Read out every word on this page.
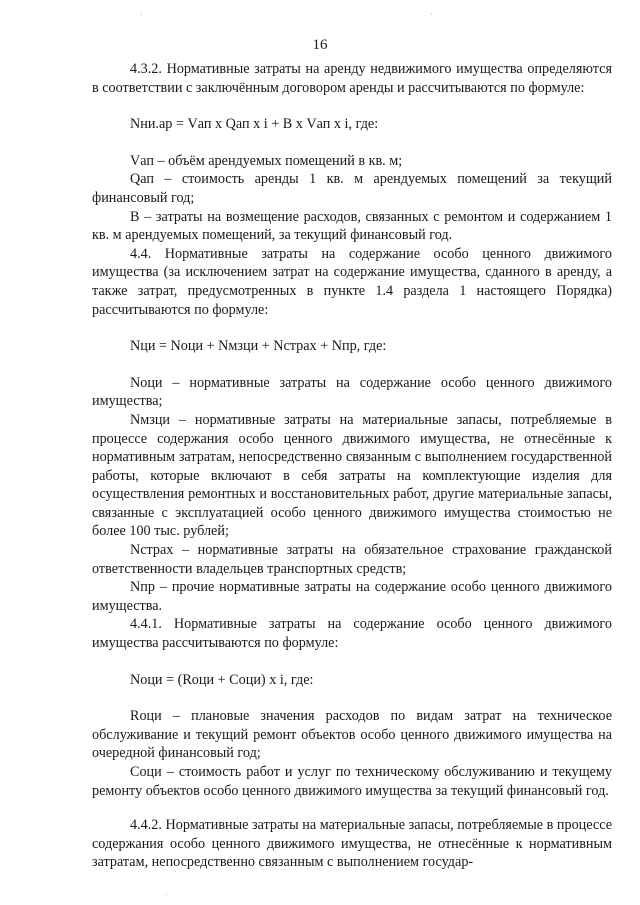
·	·
·
16

4.3.2. Нормативные затраты на аренду недвижимого имущества определяются в соответствии с заключённым договором аренды и рассчитываются по формуле:

Nни.ар = Vап х Qап х i + В х Vап х i, где:

Vап – объём арендуемых помещений в кв. м;

Qап – стоимость аренды 1 кв. м арендуемых помещений за текущий финансовый год;

В – затраты на возмещение расходов, связанных с ремонтом и содержанием 1 кв. м арендуемых помещений, за текущий финансовый год.

4.4. Нормативные затраты на содержание особо ценного движимого имущества (за исключением затрат на содержание имущества, сданного в аренду, а также затрат, предусмотренных в пункте 1.4 раздела 1 настоящего Порядка) рассчитываются по формуле:

Nци = Nоци + Nмзци + Nстрах + Nпр, где:

Nоци – нормативные затраты на содержание особо ценного движимого имущества;

Nмзци – нормативные затраты на материальные запасы, потребляемые в процессе содержания особо ценного движимого имущества, не отнесённые к нормативным затратам, непосредственно связанным с выполнением государственной работы, которые включают в себя затраты на комплектующие изделия для осуществления ремонтных и восстановительных работ, другие материальные запасы, связанные с эксплуатацией особо ценного движимого имущества стоимостью не более 100 тыс. рублей;

Nстрах – нормативные затраты на обязательное страхование гражданской ответственности владельцев транспортных средств;

Nпр – прочие нормативные затраты на содержание особо ценного движимого имущества.

4.4.1. Нормативные затраты на содержание особо ценного движимого имущества рассчитываются по формуле:

Nоци = (Rоци + Соци) х i, где:

Rоци – плановые значения расходов по видам затрат на техническое обслуживание и текущий ремонт объектов особо ценного движимого имущества на очередной финансовый год;

Соци – стоимость работ и услуг по техническому обслуживанию и текущему ремонту объектов особо ценного движимого имущества за текущий финансовый год.

4.4.2. Нормативные затраты на материальные запасы, потребляемые в процессе содержания особо ценного движимого имущества, не отнесённые к нормативным затратам, непосредственно связанным с выполнением государ-
